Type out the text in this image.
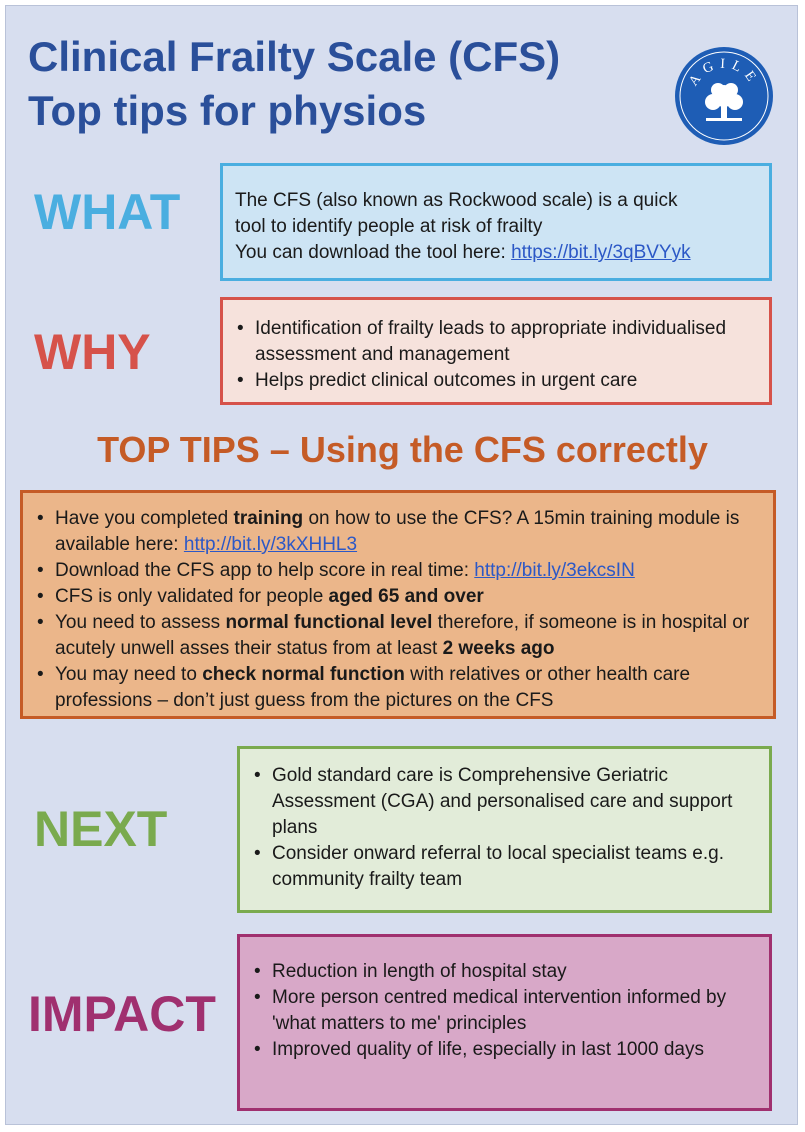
Clinical Frailty Scale (CFS)
Top tips for physios
AGILE
WHAT	The CFS (also known as Rockwood scale) is a quick

tool to identify people at risk of frailty

You can download the tool here: https://bit.ly/3qBVYyk

WHY
•	Identification of frailty leads to appropriate individualised assessment and management
• Helps predict clinical outcomes in urgent care
TOP TIPS – Using the CFS correctly
• Have you completed training on how to use the CFS? A 15min training module is available here: http://bit.ly/3kXHHL3
• Download the CFS app to help score in real time: http://bit.ly/3ekcsIN
• CFS is only validated for people aged 65 and over
• You need to assess normal functional level therefore, if someone is in hospital or acutely unwell asses their status from at least 2 weeks ago
• You may need to check normal function with relatives or other health care professions – don’t just guess from the pictures on the CFS
NEXT
• Gold standard care is Comprehensive Geriatric Assessment (CGA) and personalised care and support plans
• Consider onward referral to local specialist teams e.g. community frailty team
IMPACT
• Reduction in length of hospital stay
• More person centred medical intervention informed by 'what matters to me' principles
• Improved quality of life, especially in last 1000 days
